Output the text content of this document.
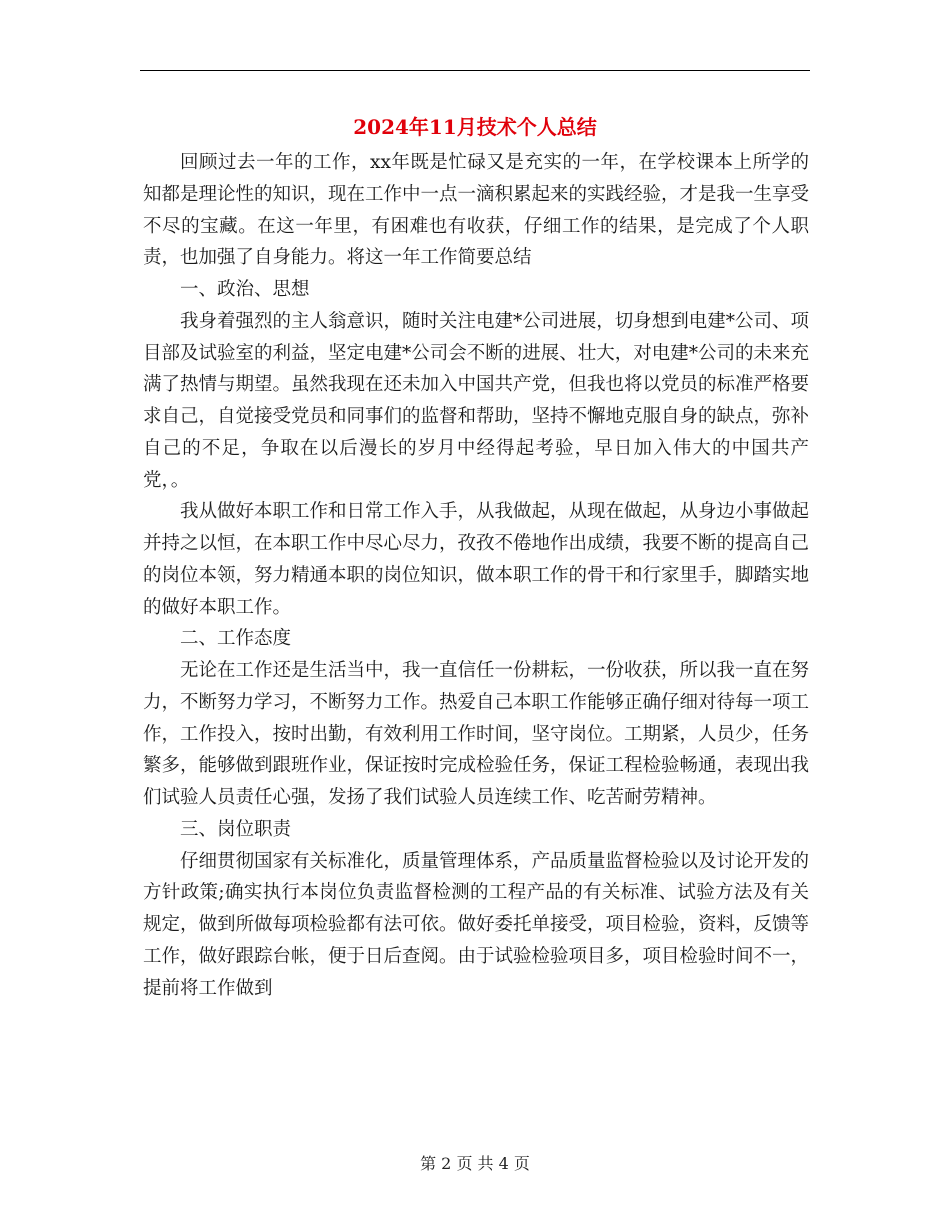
2024年11月技术个人总结

回顾过去一年的工作，xx年既是忙碌又是充实的一年，在学校课本上所学的知都是理论性的知识，现在工作中一点一滴积累起来的实践经验，才是我一生享受不尽的宝藏。在这一年里，有困难也有收获，仔细工作的结果，是完成了个人职责，也加强了自身能力。将这一年工作简要总结

一、政治、思想

我身着强烈的主人翁意识，随时关注电建*公司进展，切身想到电建*公司、项目部及试验室的利益，坚定电建*公司会不断的进展、壮大，对电建*公司的未来充满了热情与期望。虽然我现在还未加入中国共产党，但我也将以党员的标准严格要求自己，自觉接受党员和同事们的监督和帮助，坚持不懈地克服自身的缺点，弥补自己的不足，争取在以后漫长的岁月中经得起考验，早日加入伟大的中国共产党，。

我从做好本职工作和日常工作入手，从我做起，从现在做起，从身边小事做起并持之以恒，在本职工作中尽心尽力，孜孜不倦地作出成绩，我要不断的提高自己的岗位本领，努力精通本职的岗位知识，做本职工作的骨干和行家里手，脚踏实地的做好本职工作。

二、工作态度

无论在工作还是生活当中，我一直信任一份耕耘，一份收获，所以我一直在努力，不断努力学习，不断努力工作。热爱自己本职工作能够正确仔细对待每一项工作，工作投入，按时出勤，有效利用工作时间，坚守岗位。工期紧，人员少，任务繁多，能够做到跟班作业，保证按时完成检验任务，保证工程检验畅通，表现出我们试验人员责任心强，发扬了我们试验人员连续工作、吃苦耐劳精神。

三、岗位职责

仔细贯彻国家有关标准化，质量管理体系，产品质量监督检验以及讨论开发的方针政策;确实执行本岗位负责监督检测的工程产品的有关标准、试验方法及有关规定，做到所做每项检验都有法可依。做好委托单接受，项目检验，资料，反馈等工作，做好跟踪台帐，便于日后查阅。由于试验检验项目多，项目检验时间不一，提前将工作做到

第 2 页 共 4 页
